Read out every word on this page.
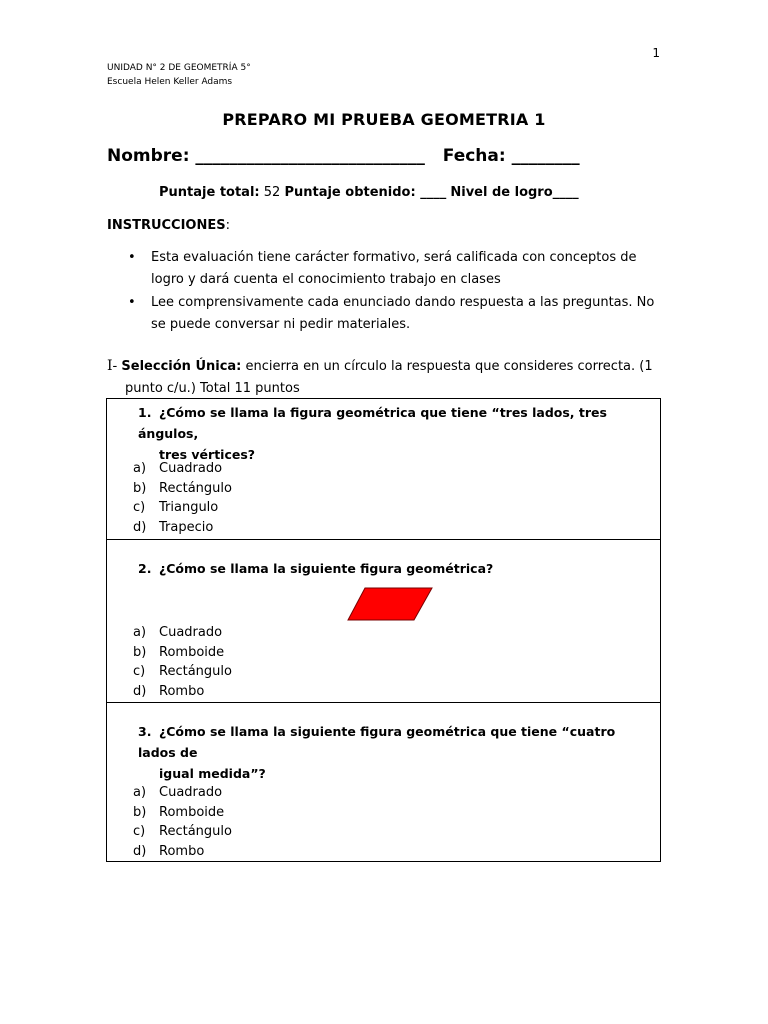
1
UNIDAD N° 2 DE GEOMETRÍA 5°
Escuela Helen Keller Adams
PREPARO MI PRUEBA GEOMETRIA 1
Nombre: ___________________________ Fecha: ________
Puntaje total: 52 Puntaje obtenido: ____ Nivel de logro____
INSTRUCCIONES:
• Esta evaluación tiene carácter formativo, será calificada con conceptos de logro y dará cuenta el conocimiento trabajo en clases
• Lee comprensivamente cada enunciado dando respuesta a las preguntas. No se puede conversar ni pedir materiales.
I- Selección Única: encierra en un círculo la respuesta que consideres correcta. (1
punto c/u.) Total 11 puntos
1. ¿Cómo se llama la figura geométrica que tiene “tres lados, tres ángulos,
tres vértices?
a) Cuadrado
b) Rectángulo
c) Triangulo
d) Trapecio
2. ¿Cómo se llama la siguiente figura geométrica?
a) Cuadrado
b) Romboide
c) Rectángulo
d) Rombo
3. ¿Cómo se llama la siguiente figura geométrica que tiene “cuatro lados de
igual medida”?
a) Cuadrado
b) Romboide
c) Rectángulo
d) Rombo
